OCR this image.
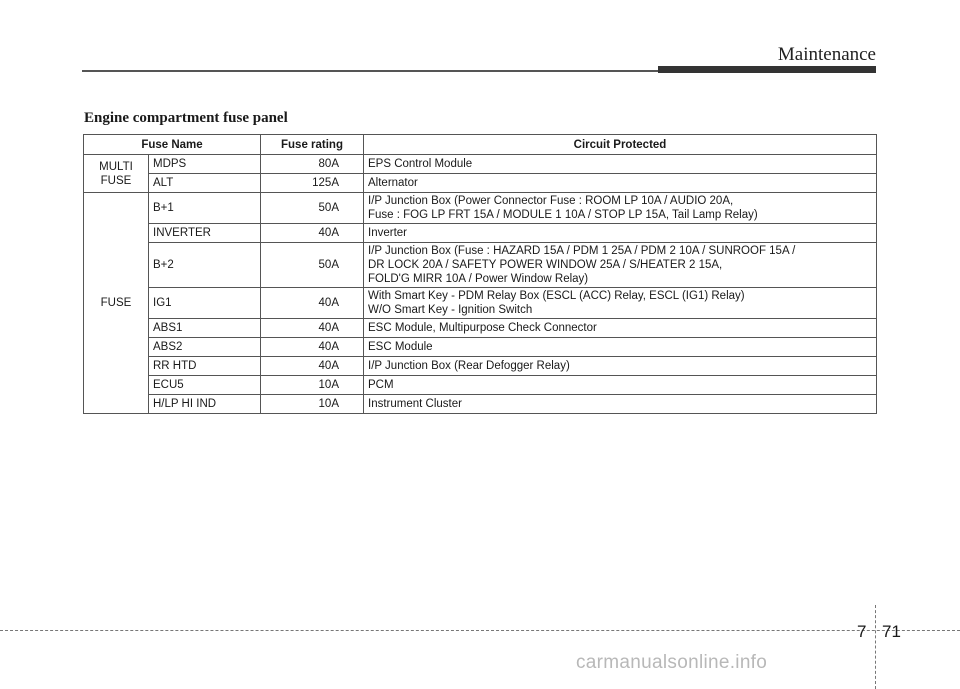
Maintenance
Engine compartment fuse panel
Fuse Name		Fuse rating	Circuit Protected
MULTI
FUSE	MDPS	80A	EPS Control Module
	ALT	125A	Alternator
FUSE	B+1	50A	I/P Junction Box (Power Connector Fuse : ROOM LP 10A / AUDIO 20A,
Fuse : FOG LP FRT 15A / MODULE 1 10A / STOP LP 15A, Tail Lamp Relay)
	INVERTER	40A	Inverter
	B+2	50A	I/P Junction Box (Fuse : HAZARD 15A / PDM 1 25A / PDM 2 10A / SUNROOF 15A /
DR LOCK 20A / SAFETY POWER WINDOW 25A / S/HEATER 2 15A,
FOLD'G MIRR 10A / Power Window Relay)
	IG1	40A	With Smart Key - PDM Relay Box (ESCL (ACC) Relay, ESCL (IG1) Relay)
W/O Smart Key - Ignition Switch
	ABS1	40A	ESC Module, Multipurpose Check Connector
	ABS2	40A	ESC Module
	RR HTD	40A	I/P Junction Box (Rear Defogger Relay)
	ECU5	10A	PCM
	H/LP HI IND	10A	Instrument Cluster
7 71
carmanualsonline.info
